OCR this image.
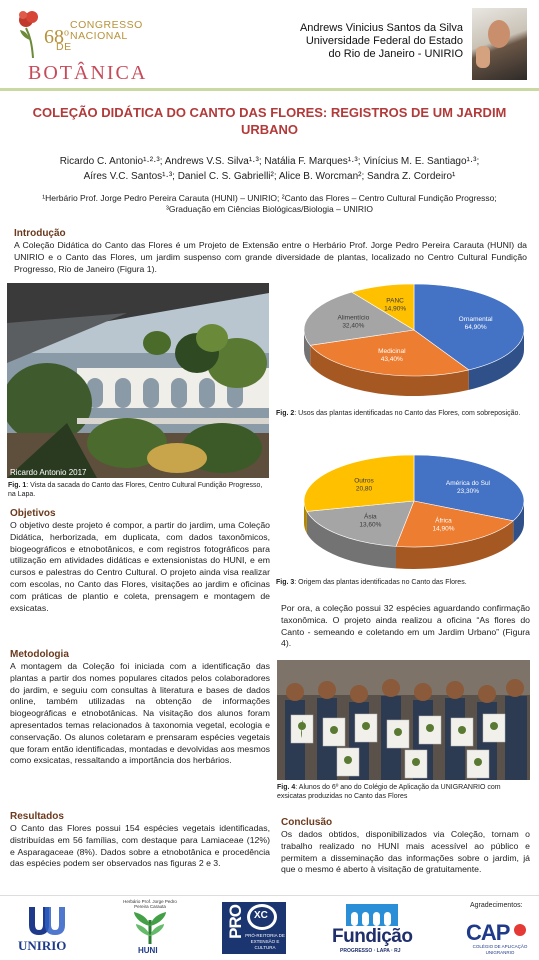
68$^o$
CONGRESSO
NACIONAL
DE
BOTÂNICA
Andrews Vinicius Santos da Silva
Universidade Federal do Estado
do Rio de Janeiro - UNIRIO
COLEÇÃO DIDÁTICA DO CANTO DAS FLORES: REGISTROS DE UM JARDIM
URBANO
Ricardo C. Antonio¹·²·³; Andrews V.S. Silva¹·³; Natália F. Marques¹·³; Vinícius M. E. Santiago¹·³;
Aíres V.C. Santos¹·³; Daniel C. S. Gabrielli²; Alice B. Worcman²; Sandra Z. Cordeiro¹
¹Herbário Prof. Jorge Pedro Pereira Carauta (HUNI) – UNIRIO; ²Canto das Flores – Centro Cultural Fundição Progresso;
³Graduação em Ciências Biológicas/Biologia – UNIRIO
Introdução
A Coleção Didática do Canto das Flores é um Projeto de Extensão entre o Herbário Prof. Jorge Pedro Pereira Carauta (HUNI) da UNIRIO e o Canto das Flores, um jardim suspenso com grande diversidade de plantas, localizado no Centro Cultural Fundição Progresso, Rio de Janeiro (Figura 1).
Ricardo Antonio 2017
Fig. 1: Vista da sacada do Canto das Flores, Centro Cultural Fundição Progresso, na Lapa.
Ornamental
64,90%
Medicinal
43,40%
Alimentício
32,40%
PANC
14,90%
Fig. 2: Usos das plantas identificadas no Canto das Flores, com sobreposição.
América do Sul
23,30%
África
14,90%
Ásia
13,60%
Outros
20,80
Fig. 3: Origem das plantas identificadas no Canto das Flores.
Objetivos
O objetivo deste projeto é compor, a partir do jardim, uma Coleção Didática, herborizada, em duplicata, com dados taxonômicos, biogeográficos e etnobotânicos, e com registros fotográficos para utilização em atividades didáticas e extensionistas do HUNI, e em cursos e palestras do Centro Cultural. O projeto ainda visa realizar com escolas, no Canto das Flores, visitações ao jardim e oficinas com práticas de plantio e coleta, prensagem e montagem de exsicatas.
Metodologia
A montagem da Coleção foi iniciada com a identificação das plantas a partir dos nomes populares citados pelos colaboradores do jardim, e seguiu com consultas à literatura e bases de dados online, também utilizadas na obtenção de informações biogeográficas e etnobotânicas. Na visitação dos alunos foram apresentados temas relacionados à taxonomia vegetal, ecologia e conservação. Os alunos coletaram e prensaram espécies vegetais que foram então identificadas, montadas e devolvidas aos mesmos como exsicatas, ressaltando a importância dos herbários.
Resultados
O Canto das Flores possui 154 espécies vegetais identificadas, distribuídas em 56 famílias, com destaque para Lamiaceae (12%) e Asparagaceae (8%). Dados sobre a etnobotânica e procedência das espécies podem ser observados nas figuras 2 e 3.
Por ora, a coleção possui 32 espécies aguardando confirmação taxonômica. O projeto ainda realizou a oficina “As flores do Canto - semeando e coletando em um Jardim Urbano” (Figura 4).
Fig. 4: Alunos do 6º ano do Colégio de Aplicação da UNIGRANRIO com exsicatas produzidas no Canto das Flores
Conclusão
Os dados obtidos, disponibilizados via Coleção, tornam o trabalho realizado no HUNI mais acessível ao público e permitem a disseminação das informações sobre o jardim, já que o mesmo é aberto à visitação de gratuitamente.
UNIRIO
Herbário Prof. Jorge Pedro Pereira Carauta
HUNI
PRO XC
PRÓ-REITORIA DE
EXTENSÃO E CULTURA
Fundição
PROGRESSO · LAPA · RJ
Agradecimentos:
CAP
COLÉGIO DE APLICAÇÃO
UNIGRANRIO
